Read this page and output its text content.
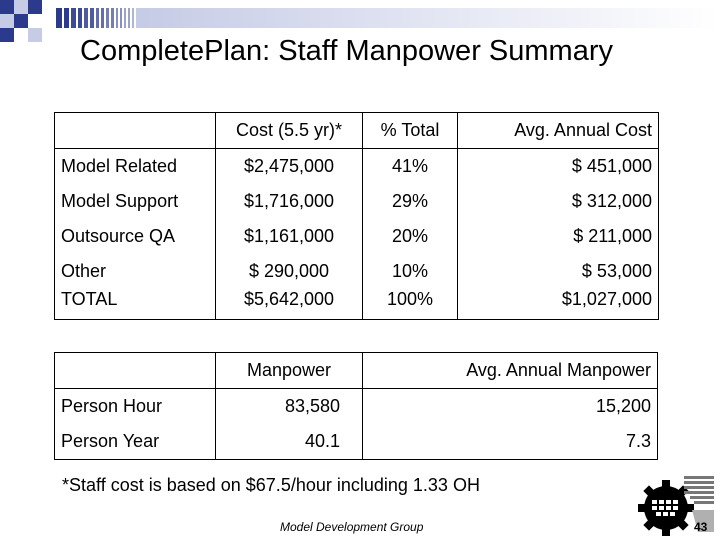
CompletePlan: Staff Manpower Summary
	Cost (5.5 yr)*	% Total	Avg. Annual Cost
Model Related	$2,475,000	41%	$ 451,000
Model Support	$1,716,000	29%	$ 312,000
Outsource QA	$1,161,000	20%	$ 211,000
Other	$ 290,000	10%	$ 53,000
TOTAL	$5,642,000	100%	$1,027,000
	Manpower	Avg. Annual Manpower
Person Hour	83,580	15,200
Person Year	40.1	7.3
*Staff cost is based on $67.5/hour including 1.33 OH
Model Development Group	43
